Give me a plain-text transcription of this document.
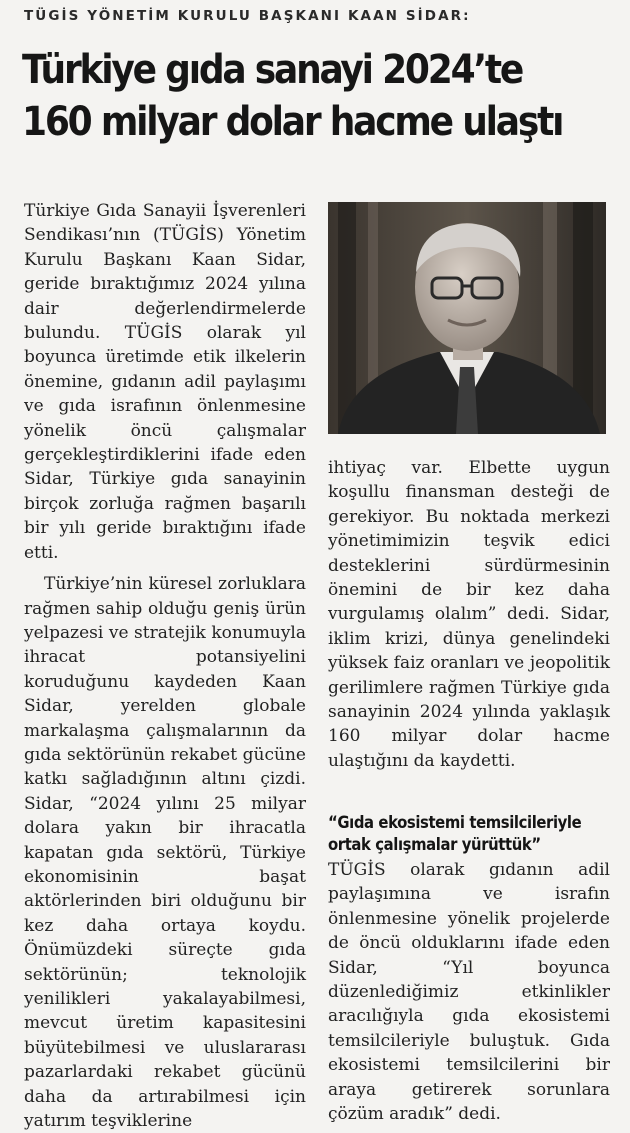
TÜGİS YÖNETİM KURULU BAŞKANI KAAN SİDAR:
Türkiye gıda sanayi 2024’te
160 milyar dolar hacme ulaştı

Türkiye Gıda Sanayii İşverenleri Sendikası’nın (TÜGİS) Yönetim Kurulu Başkanı Kaan Sidar, geride bıraktığımız 2024 yılına dair değerlendirmelerde bulundu. TÜGİS olarak yıl boyunca üretimde etik ilkelerin önemine, gıdanın adil paylaşımı ve gıda israfının önlenmesine yönelik öncü çalışmalar gerçekleştirdiklerini ifade eden Sidar, Türkiye gıda sanayinin birçok zorluğa rağmen başarılı bir yılı geride bıraktığını ifade etti.

Türkiye’nin küresel zorluklara rağmen sahip olduğu geniş ürün yelpazesi ve stratejik konumuyla ihracat potansiyelini koruduğunu kaydeden Kaan Sidar, yerelden globale markalaşma çalışmalarının da gıda sektörünün rekabet gücüne katkı sağladığının altını çizdi. Sidar, “2024 yılını 25 milyar dolara yakın bir ihracatla kapatan gıda sektörü, Türkiye ekonomisinin başat aktörlerinden biri olduğunu bir kez daha ortaya koydu. Önümüzdeki süreçte gıda sektörünün; teknolojik yenilikleri yakalayabilmesi, mevcut üretim kapasitesini büyütebilmesi ve uluslararası pazarlardaki rekabet gücünü daha da artırabilmesi için yatırım teşviklerine

ihtiyaç var. Elbette uygun koşullu finansman desteği de gerekiyor. Bu noktada merkezi yönetimimizin teşvik edici desteklerini sürdürmesinin önemini de bir kez daha vurgulamış olalım” dedi. Sidar, iklim krizi, dünya genelindeki yüksek faiz oranları ve jeopolitik gerilimlere rağmen Türkiye gıda sanayinin 2024 yılında yaklaşık 160 milyar dolar hacme ulaştığını da kaydetti.

“Gıda ekosistemi temsilcileriyle ortak çalışmalar yürüttük”

TÜGİS olarak gıdanın adil paylaşımına ve israfın önlenmesine yönelik projelerde de öncü olduklarını ifade eden Sidar, “Yıl boyunca düzenlediğimiz etkinlikler aracılığıyla gıda ekosistemi temsilcileriyle buluştuk. Gıda ekosistemi temsilcilerini bir araya getirerek sorunlara çözüm aradık” dedi.
